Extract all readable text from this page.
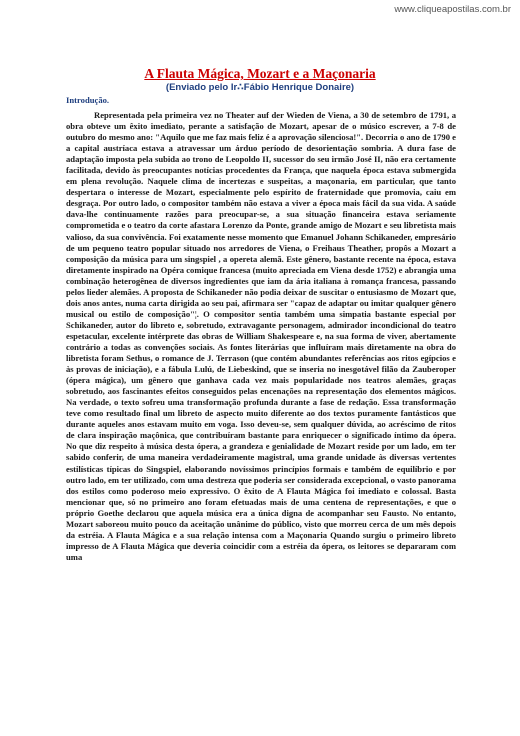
www.cliqueapostilas.com.br
A Flauta Mágica, Mozart e a Maçonaria
(Enviado pelo Ir∴Fábio Henrique Donaire)
Introdução.

Representada pela primeira vez no Theater auf der Wieden de Viena, a 30 de setembro de 1791, a obra obteve um êxito imediato, perante a satisfação de Mozart, apesar de o músico escrever, a 7-8 de outubro do mesmo ano: "Aquilo que me faz mais feliz é a aprovação silenciosa!". Decorria o ano de 1790 e a capital austríaca estava a atravessar um árduo período de desorientação sombria. A dura fase de adaptação imposta pela subida ao trono de Leopoldo II, sucessor do seu irmão José II, não era certamente facilitada, devido às preocupantes notícias procedentes da França, que naquela época estava submergida em plena revolução. Naquele clima de incertezas e suspeitas, a maçonaria, em particular, que tanto despertara o interesse de Mozart, especialmente pelo espírito de fraternidade que promovia, caiu em desgraça. Por outro lado, o compositor também não estava a viver a época mais fácil da sua vida. A saúde dava-lhe continuamente razões para preocupar-se, a sua situação financeira estava seriamente comprometida e o teatro da corte afastara Lorenzo da Ponte, grande amigo de Mozart e seu libretista mais valioso, da sua convivência. Foi exatamente nesse momento que Emanuel Johann Schikaneder, empresário de um pequeno teatro popular situado nos arredores de Viena, o Freihaus Theather, propôs a Mozart a composição da música para um singspiel , a opereta alemã. Este gênero, bastante recente na época, estava diretamente inspirado na Opéra comique francesa (muito apreciada em Viena desde 1752) e abrangia uma combinação heterogênea de diversos ingredientes que iam da ária italiana à romança francesa, passando pelos lieder alemães. A proposta de Schikaneder não podia deixar de suscitar o entusiasmo de Mozart que, dois anos antes, numa carta dirigida ao seu pai, afirmara ser "capaz de adaptar ou imitar qualquer gênero musical ou estilo de composição"¦. O compositor sentia também uma simpatia bastante especial por Schikaneder, autor do libreto e, sobretudo, extravagante personagem, admirador incondicional do teatro espetacular, excelente intérprete das obras de William Shakespeare e, na sua forma de viver, abertamente contrário a todas as convenções sociais. As fontes literárias que influíram mais diretamente na obra do libretista foram Sethus, o romance de J. Terrason (que contém abundantes referências aos ritos egípcios e às provas de iniciação), e a fábula Lulú, de Liebeskind, que se inseria no inesgotável filão da Zauberoper (ópera mágica), um gênero que ganhava cada vez mais popularidade nos teatros alemães, graças sobretudo, aos fascinantes efeitos conseguidos pelas encenações na representação dos elementos mágicos. Na verdade, o texto sofreu uma transformação profunda durante a fase de redação. Essa transformação teve como resultado final um libreto de aspecto muito diferente ao dos textos puramente fantásticos que durante aqueles anos estavam muito em voga. Isso deveu-se, sem qualquer dúvida, ao acréscimo de ritos de clara inspiração maçônica, que contribuíram bastante para enriquecer o significado íntimo da ópera. No que diz respeito à música desta ópera, a grandeza e genialidade de Mozart reside por um lado, em ter sabido conferir, de uma maneira verdadeiramente magistral, uma grande unidade às diversas vertentes estilísticas típicas do Singspiel, elaborando novíssimos princípios formais e também de equilíbrio e por outro lado, em ter utilizado, com uma destreza que poderia ser considerada excepcional, o vasto panorama dos estilos como poderoso meio expressivo. O êxito de A Flauta Mágica foi imediato e colossal. Basta mencionar que, só no primeiro ano foram efetuadas mais de uma centena de representações, e que o próprio Goethe declarou que aquela música era a única digna de acompanhar seu Fausto. No entanto, Mozart saboreou muito pouco da aceitação unânime do público, visto que morreu cerca de um mês depois da estréia. A Flauta Mágica e a sua relação intensa com a Maçonaria Quando surgiu o primeiro libreto impresso de A Flauta Mágica que deveria coincidir com a estréia da ópera, os leitores se depararam com uma
